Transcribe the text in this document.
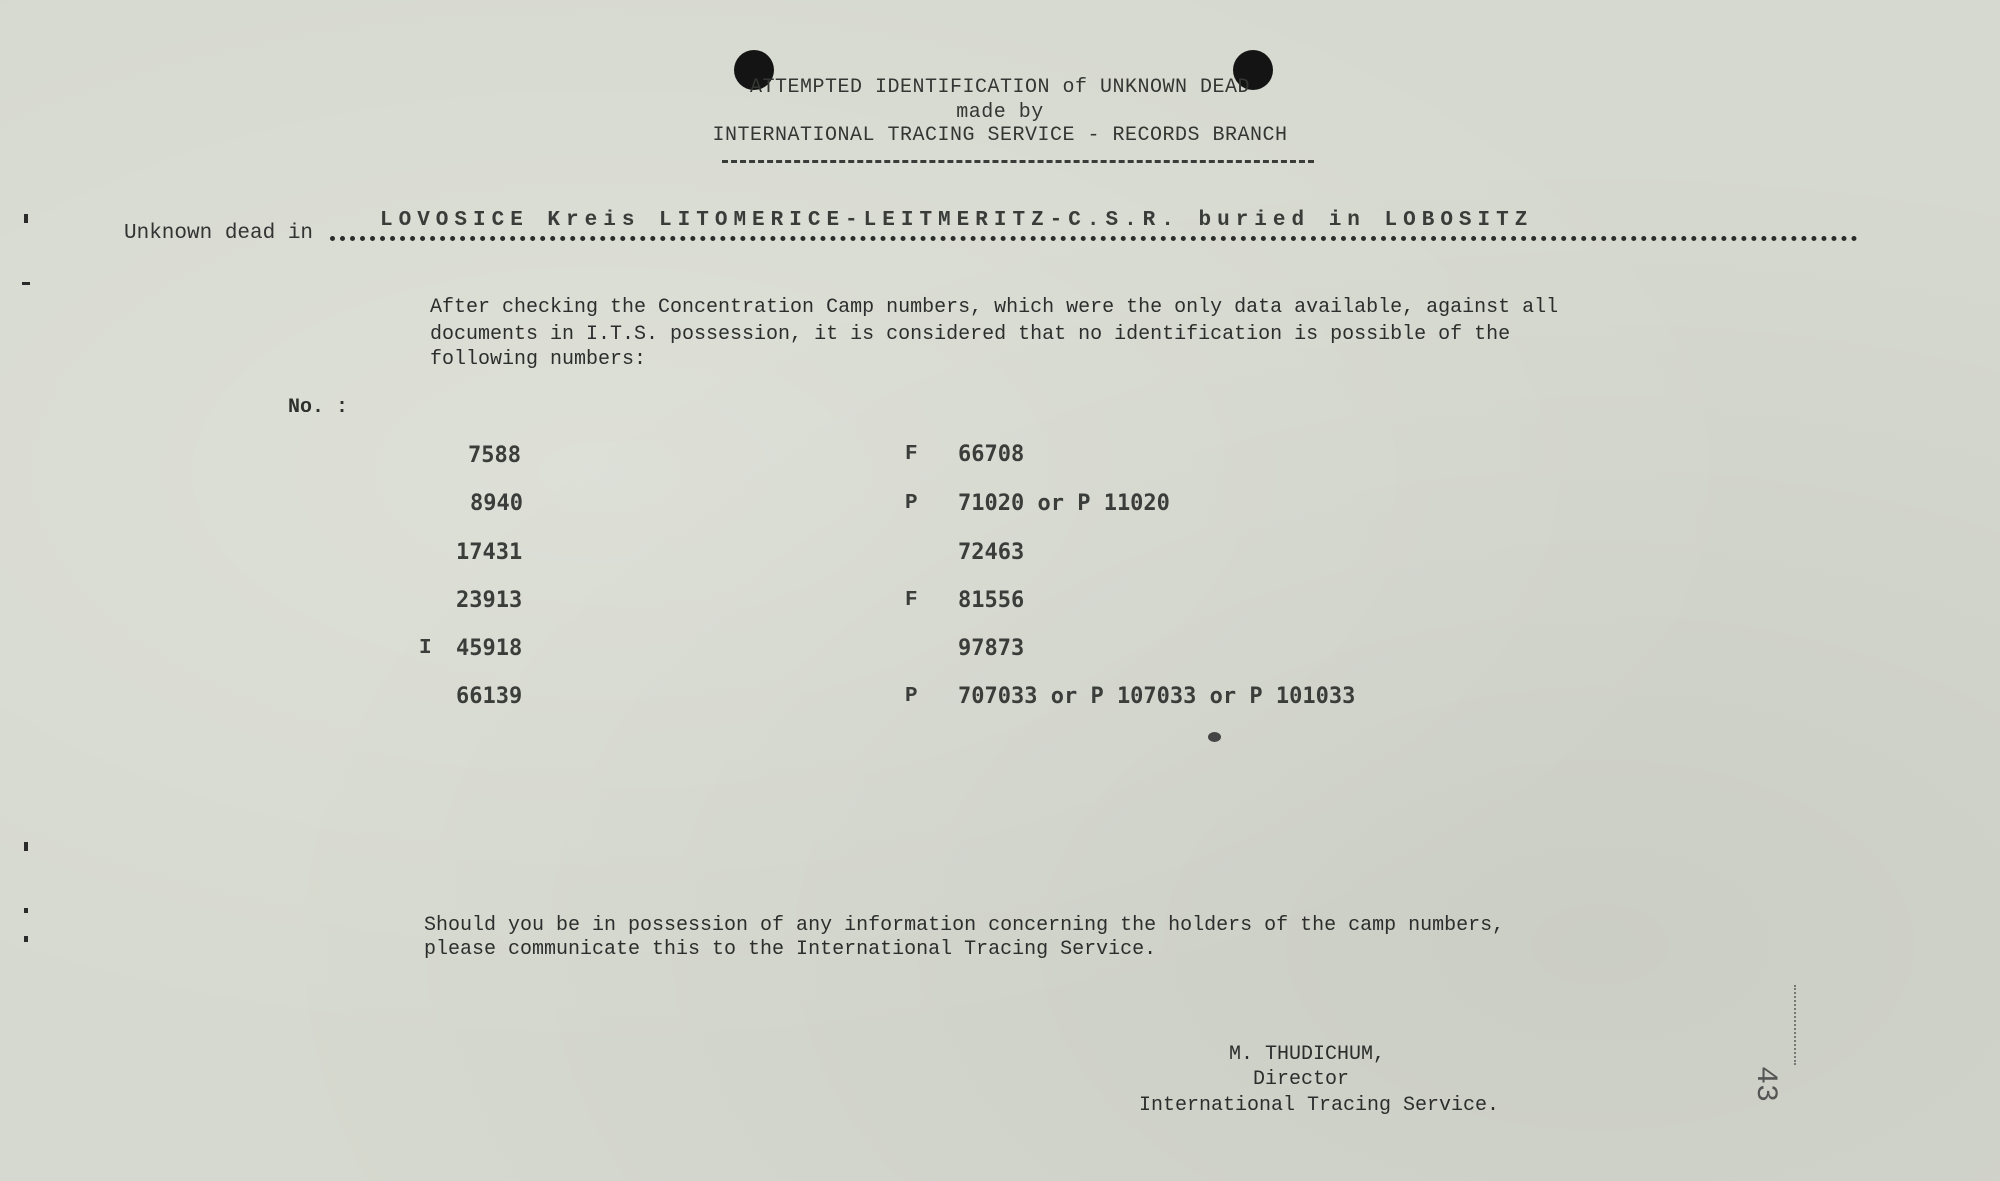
ATTEMPTED IDENTIFICATION of UNKNOWN DEAD
made by
INTERNATIONAL TRACING SERVICE - RECORDS BRANCH
Unknown dead in
LOVOSICE Kreis LITOMERICE-LEITMERITZ-C.S.R. buried in LOBOSITZ
After checking the Concentration Camp numbers, which were the only data available, against all
documents in I.T.S. possession, it is considered that no identification is possible of the
following numbers:
No. :
7588
8940
17431
23913
I 45918
66139
F 66708
P 71020 or P 11020
72463
F 81556
97873
P 707033 or P 107033 or P 101033
Should you be in possession of any information concerning the holders of the camp numbers,
please communicate this to the International Tracing Service.
M. THUDICHUM,
Director
International Tracing Service.
43
